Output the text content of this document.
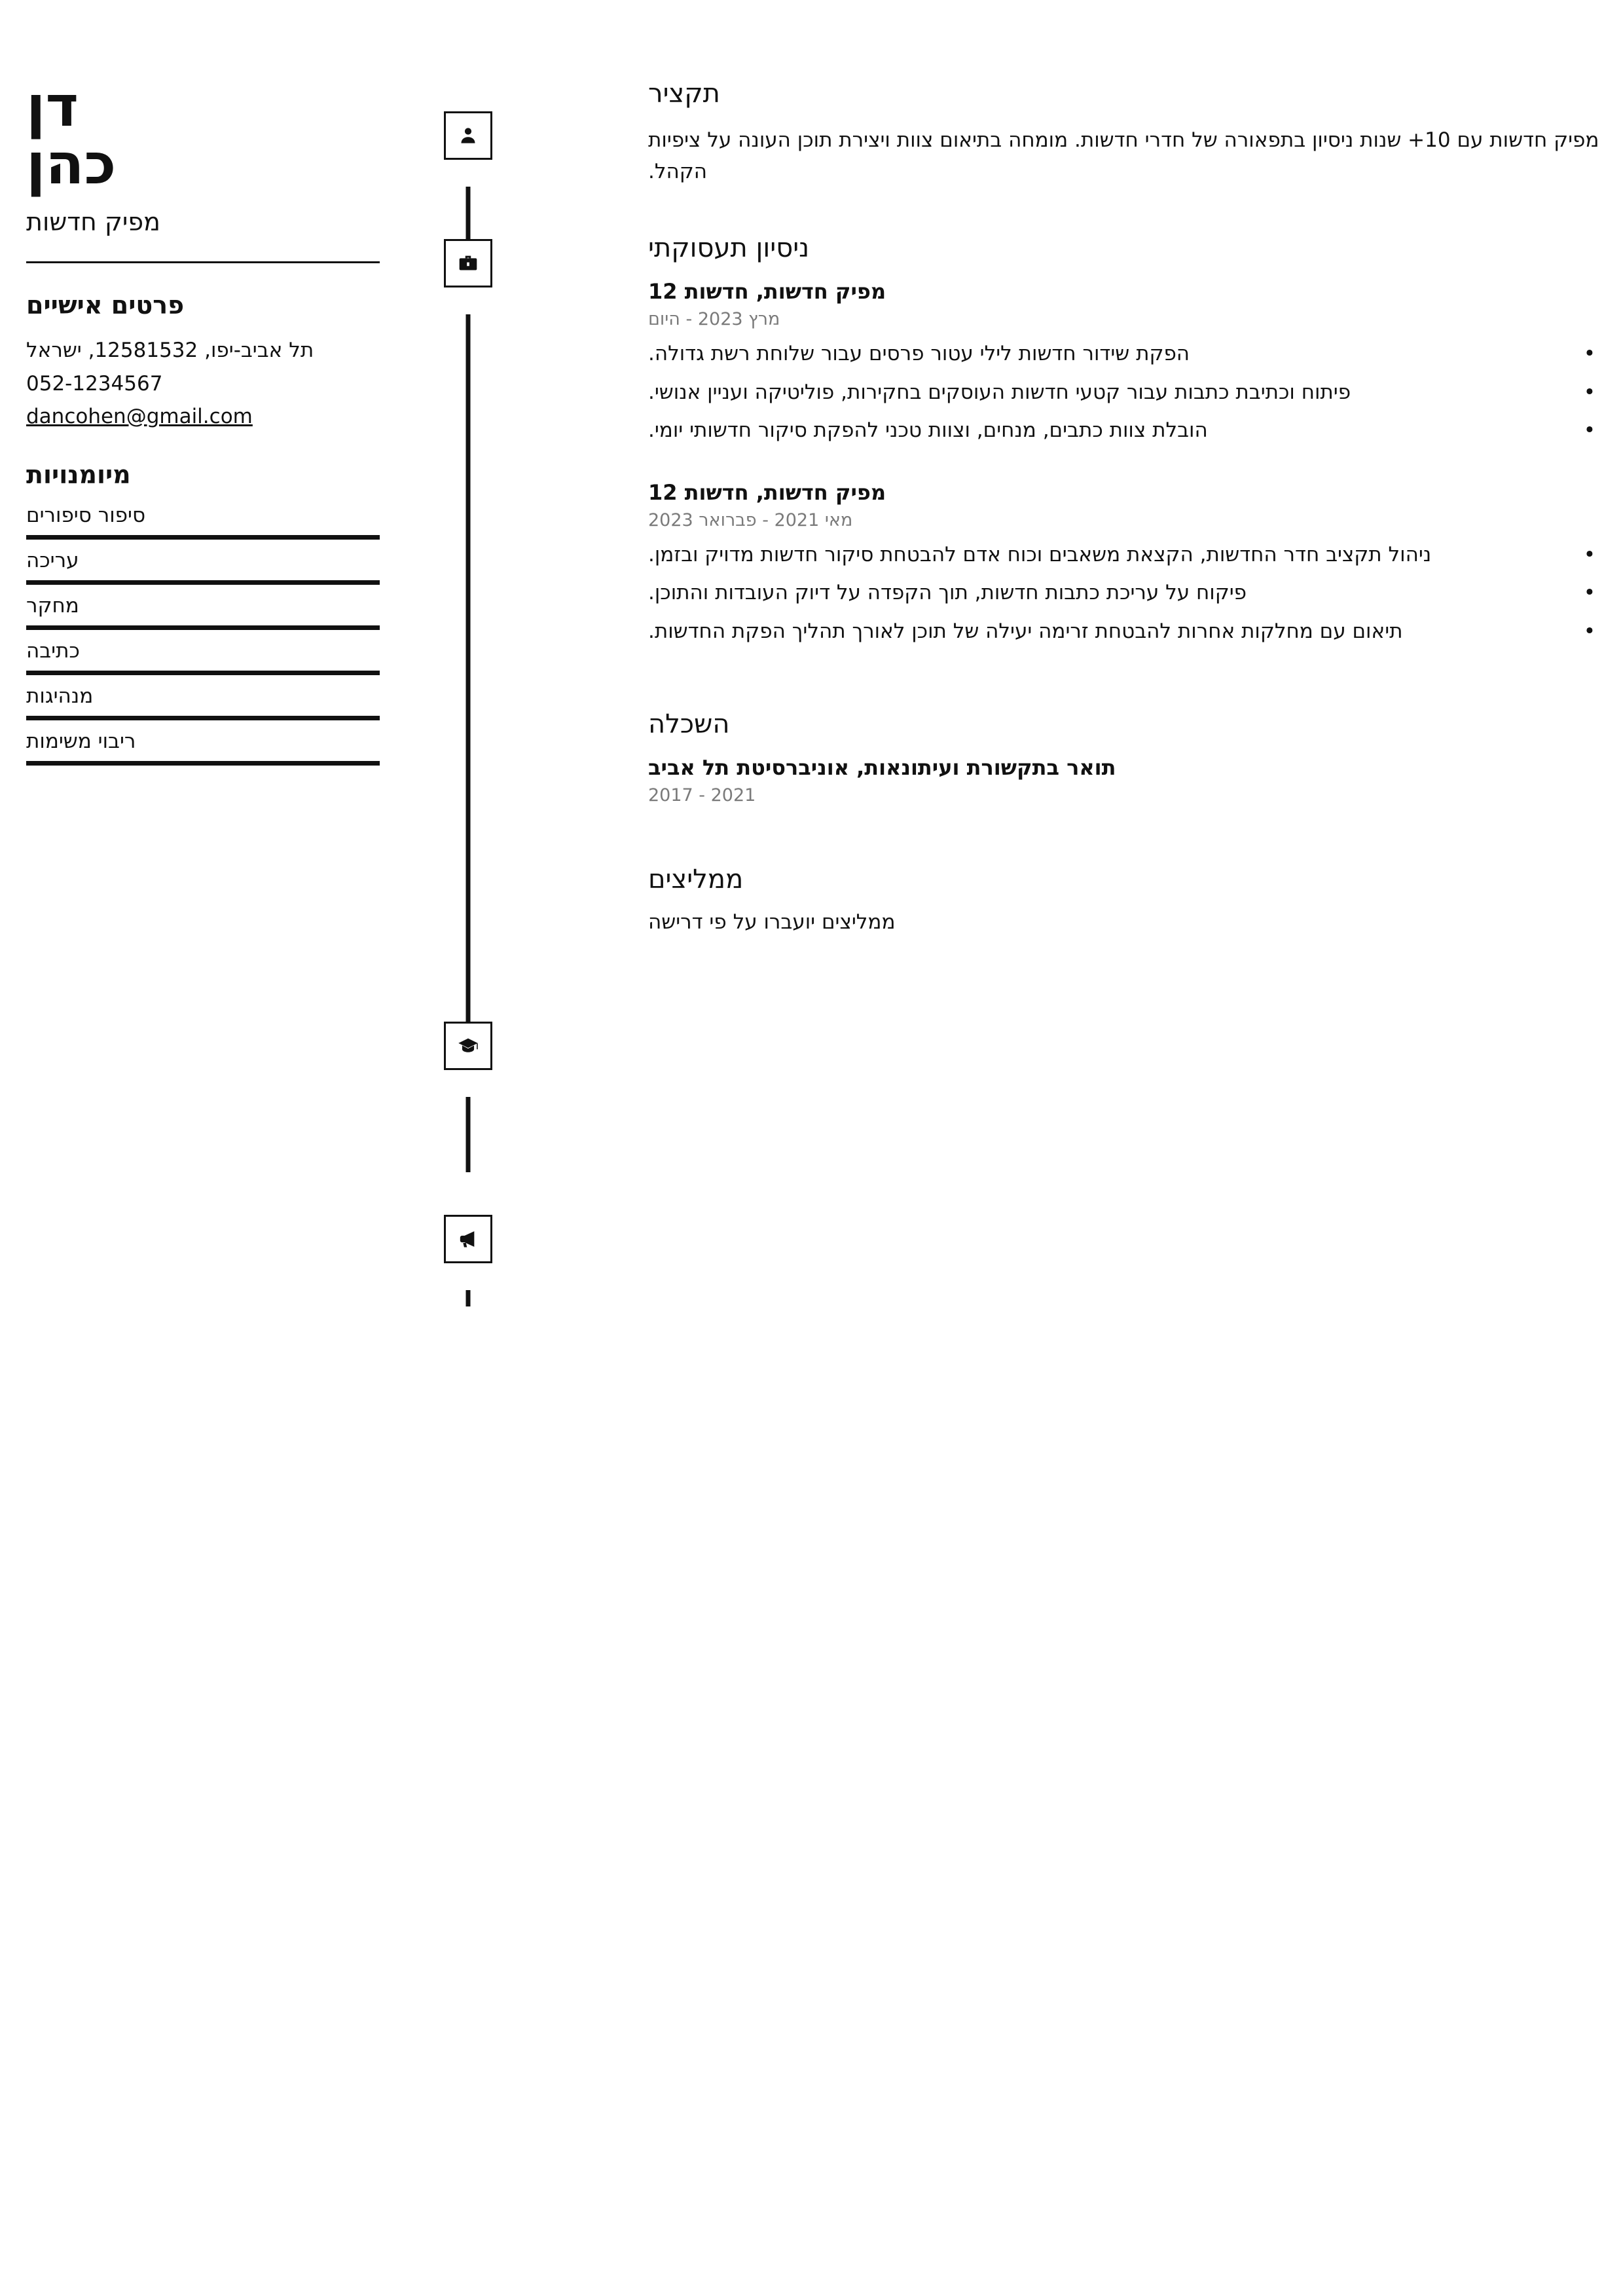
תקציר

מפיק חדשות עם 10+ שנות ניסיון בתפאורה של חדרי חדשות. מומחה בתיאום צוות ויצירת תוכן העונה על ציפיות הקהל.

ניסיון תעסוקתי

מפיק חדשות, חדשות 12

מרץ 2023 - היום

• הפקת שידור חדשות לילי עטור פרסים עבור שלוחת רשת גדולה.
• פיתוח וכתיבת כתבות עבור קטעי חדשות העוסקים בחקירות, פוליטיקה ועניין אנושי.
• הובלת צוות כתבים, מנחים, וצוות טכני להפקת סיקור חדשותי יומי.

מפיק חדשות, חדשות 12

מאי 2021 - פברואר 2023

• ניהול תקציב חדר החדשות, הקצאת משאבים וכוח אדם להבטחת סיקור חדשות מדויק ובזמן.
• פיקוח על עריכת כתבות חדשות, תוך הקפדה על דיוק העובדות והתוכן.
• תיאום עם מחלקות אחרות להבטחת זרימה יעילה של תוכן לאורך תהליך הפקת החדשות.
השכלה

תואר בתקשורת ועיתונאות, אוניברסיטת תל אביב

2017 - 2021

ממליצים

ממליצים יועברו על פי דרישה

דן
כהן
מפיק חדשות
פרטים אישיים
תל אביב-יפו, 12581532, ישראל
052-1234567
dancohen@gmail.com
מיומנויות
סיפור סיפורים
עריכה
מחקר
כתיבה
מנהיגות
ריבוי משימות
